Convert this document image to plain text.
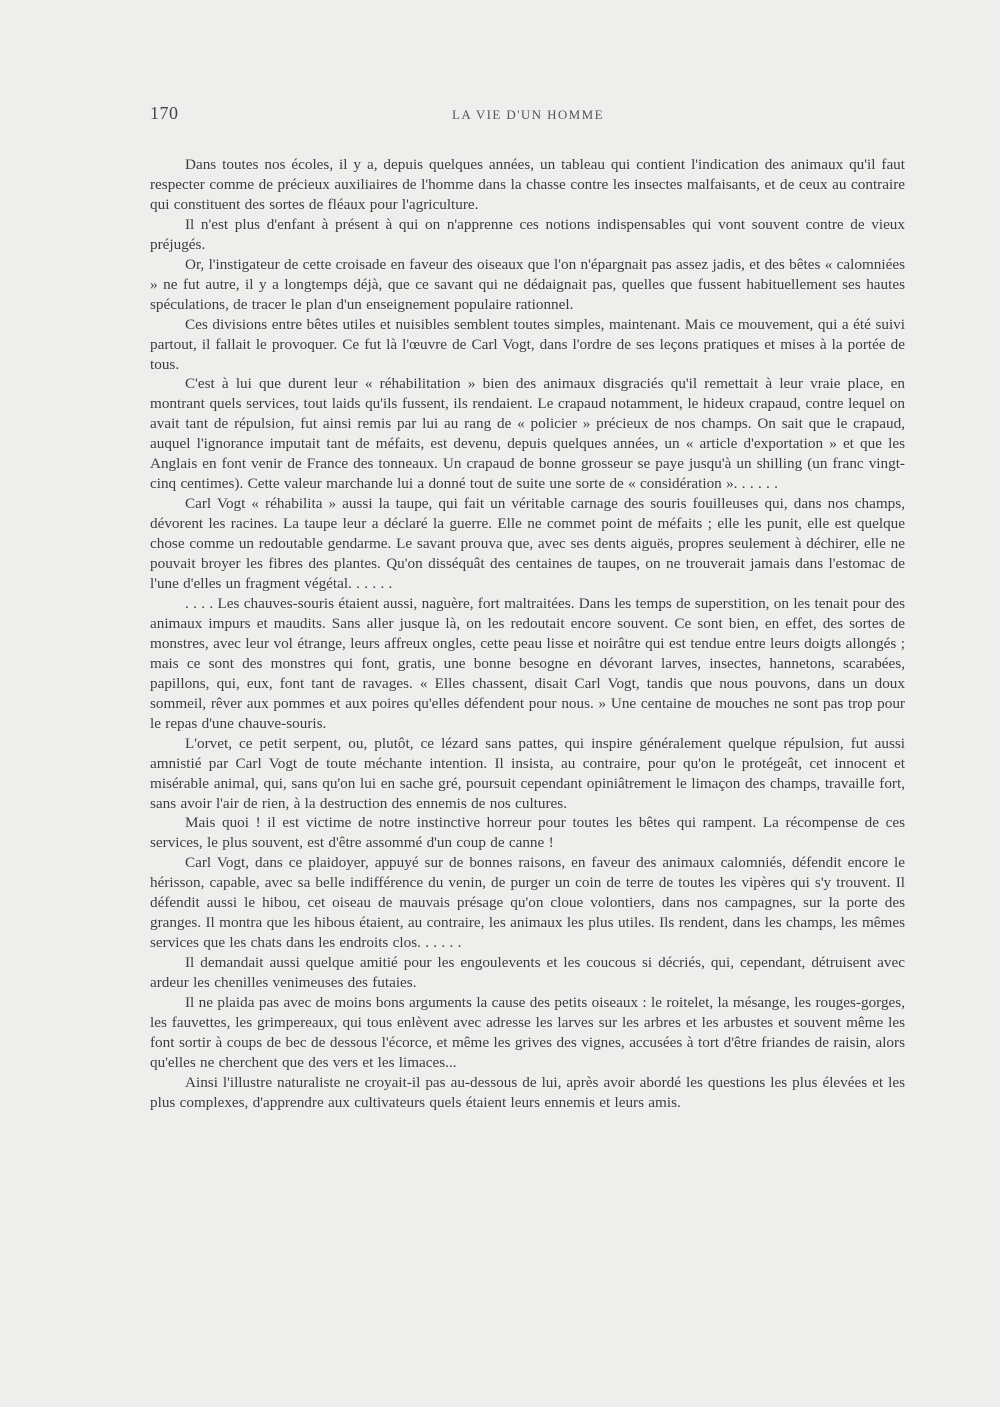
170	LA VIE D'UN HOMME

Dans toutes nos écoles, il y a, depuis quelques années, un tableau qui contient l'indication des animaux qu'il faut respecter comme de précieux auxiliaires de l'homme dans la chasse contre les insectes malfaisants, et de ceux au contraire qui constituent des sortes de fléaux pour l'agriculture.

Il n'est plus d'enfant à présent à qui on n'apprenne ces notions indispensables qui vont souvent contre de vieux préjugés.

Or, l'instigateur de cette croisade en faveur des oiseaux que l'on n'épargnait pas assez jadis, et des bêtes « calomniées » ne fut autre, il y a longtemps déjà, que ce savant qui ne dédaignait pas, quelles que fussent habituellement ses hautes spéculations, de tracer le plan d'un enseignement populaire rationnel.

Ces divisions entre bêtes utiles et nuisibles semblent toutes simples, maintenant. Mais ce mouvement, qui a été suivi partout, il fallait le provoquer. Ce fut là l'œuvre de Carl Vogt, dans l'ordre de ses leçons pratiques et mises à la portée de tous.

C'est à lui que durent leur « réhabilitation » bien des animaux disgraciés qu'il remettait à leur vraie place, en montrant quels services, tout laids qu'ils fussent, ils rendaient. Le crapaud notamment, le hideux crapaud, contre lequel on avait tant de répulsion, fut ainsi remis par lui au rang de « policier » précieux de nos champs. On sait que le crapaud, auquel l'ignorance imputait tant de méfaits, est devenu, depuis quelques années, un « article d'exportation » et que les Anglais en font venir de France des tonneaux. Un crapaud de bonne grosseur se paye jusqu'à un shilling (un franc vingt-cinq centimes). Cette valeur marchande lui a donné tout de suite une sorte de « considération ». . . . . .

Carl Vogt « réhabilita » aussi la taupe, qui fait un véritable carnage des souris fouilleuses qui, dans nos champs, dévorent les racines. La taupe leur a déclaré la guerre. Elle ne commet point de méfaits ; elle les punit, elle est quelque chose comme un redoutable gendarme. Le savant prouva que, avec ses dents aiguës, propres seulement à déchirer, elle ne pouvait broyer les fibres des plantes. Qu'on disséquât des centaines de taupes, on ne trouverait jamais dans l'estomac de l'une d'elles un fragment végétal. . . . . .

. . . . Les chauves-souris étaient aussi, naguère, fort maltraitées. Dans les temps de superstition, on les tenait pour des animaux impurs et maudits. Sans aller jusque là, on les redoutait encore souvent. Ce sont bien, en effet, des sortes de monstres, avec leur vol étrange, leurs affreux ongles, cette peau lisse et noirâtre qui est tendue entre leurs doigts allongés ; mais ce sont des monstres qui font, gratis, une bonne besogne en dévorant larves, insectes, hannetons, scarabées, papillons, qui, eux, font tant de ravages. « Elles chassent, disait Carl Vogt, tandis que nous pouvons, dans un doux sommeil, rêver aux pommes et aux poires qu'elles défendent pour nous. » Une centaine de mouches ne sont pas trop pour le repas d'une chauve-souris.

L'orvet, ce petit serpent, ou, plutôt, ce lézard sans pattes, qui inspire généralement quelque répulsion, fut aussi amnistié par Carl Vogt de toute méchante intention. Il insista, au contraire, pour qu'on le protégeât, cet innocent et misérable animal, qui, sans qu'on lui en sache gré, poursuit cependant opiniâtrement le limaçon des champs, travaille fort, sans avoir l'air de rien, à la destruction des ennemis de nos cultures.

Mais quoi ! il est victime de notre instinctive horreur pour toutes les bêtes qui rampent. La récompense de ces services, le plus souvent, est d'être assommé d'un coup de canne !

Carl Vogt, dans ce plaidoyer, appuyé sur de bonnes raisons, en faveur des animaux calomniés, défendit encore le hérisson, capable, avec sa belle indifférence du venin, de purger un coin de terre de toutes les vipères qui s'y trouvent. Il défendit aussi le hibou, cet oiseau de mauvais présage qu'on cloue volontiers, dans nos campagnes, sur la porte des granges. Il montra que les hibous étaient, au contraire, les animaux les plus utiles. Ils rendent, dans les champs, les mêmes services que les chats dans les endroits clos. . . . . .

Il demandait aussi quelque amitié pour les engoulevents et les coucous si décriés, qui, cependant, détruisent avec ardeur les chenilles venimeuses des futaies.

Il ne plaida pas avec de moins bons arguments la cause des petits oiseaux : le roitelet, la mésange, les rouges-gorges, les fauvettes, les grimpereaux, qui tous enlèvent avec adresse les larves sur les arbres et les arbustes et souvent même les font sortir à coups de bec de dessous l'écorce, et même les grives des vignes, accusées à tort d'être friandes de raisin, alors qu'elles ne cherchent que des vers et les limaces...

Ainsi l'illustre naturaliste ne croyait-il pas au-dessous de lui, après avoir abordé les questions les plus élevées et les plus complexes, d'apprendre aux cultivateurs quels étaient leurs ennemis et leurs amis.
